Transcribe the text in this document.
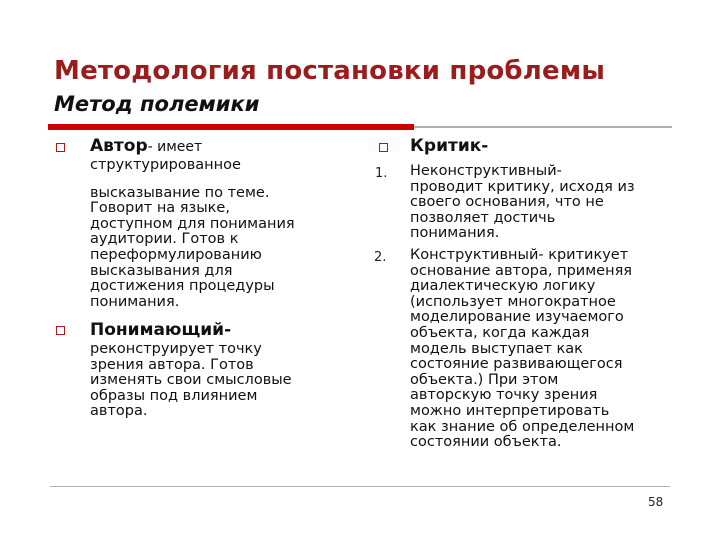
Методология постановки проблемы
Метод полемики
Автор- имеет
структурированное
высказывание по теме.
Говорит на языке,
доступном для понимания
аудитории. Готов к
переформулированию
высказывания для
достижения процедуры
понимания.
Понимающий-
реконструирует точку
зрения автора. Готов
изменять свои смысловые
образы под влиянием
автора.
Критик-
1. Неконструктивный-
проводит критику, исходя из
своего основания, что не
позволяет достичь
понимания.
2. Конструктивный- критикует
основание автора, применяя
диалектическую логику
(использует многократное
моделирование изучаемого
объекта, когда каждая
модель выступает как
состояние развивающегося
объекта.) При этом
авторскую точку зрения
можно интерпретировать
как знание об определенном
состоянии объекта.
58
